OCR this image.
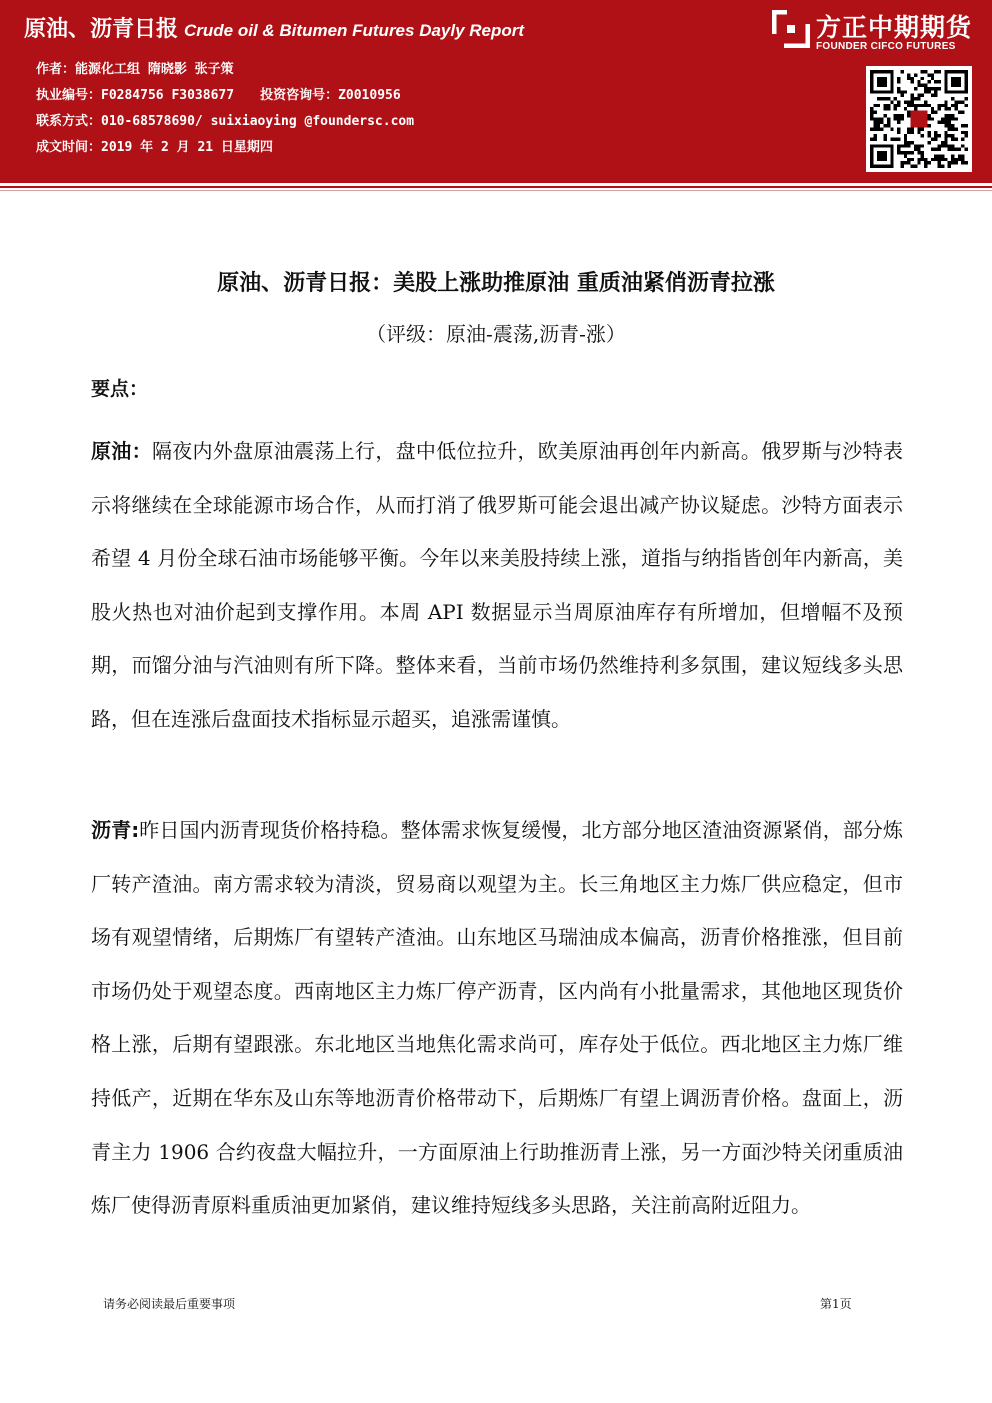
原油、沥青日报 Crude oil & Bitumen Futures Dayly Report
作者：能源化工组 隋晓影 张子策
执业编号：F0284756 F3038677 投资咨询号：Z0010956
联系方式：010-68578690/ suixiaoying @foundersc.com
成文时间：2019 年 2 月 21 日星期四
方正中期期货
FOUNDER CIFCO FUTURES
原油、沥青日报：美股上涨助推原油 重质油紧俏沥青拉涨
（评级：原油-震荡,沥青-涨）
要点：

原油：隔夜内外盘原油震荡上行，盘中低位拉升，欧美原油再创年内新高。俄罗斯与沙特表示将继续在全球能源市场合作，从而打消了俄罗斯可能会退出减产协议疑虑。沙特方面表示希望 4 月份全球石油市场能够平衡。今年以来美股持续上涨，道指与纳指皆创年内新高，美股火热也对油价起到支撑作用。本周 API 数据显示当周原油库存有所增加，但增幅不及预期，而馏分油与汽油则有所下降。整体来看，当前市场仍然维持利多氛围，建议短线多头思路，但在连涨后盘面技术指标显示超买，追涨需谨慎。

沥青:昨日国内沥青现货价格持稳。整体需求恢复缓慢，北方部分地区渣油资源紧俏，部分炼厂转产渣油。南方需求较为清淡，贸易商以观望为主。长三角地区主力炼厂供应稳定，但市场有观望情绪，后期炼厂有望转产渣油。山东地区马瑞油成本偏高，沥青价格推涨，但目前市场仍处于观望态度。西南地区主力炼厂停产沥青，区内尚有小批量需求，其他地区现货价格上涨，后期有望跟涨。东北地区当地焦化需求尚可，库存处于低位。西北地区主力炼厂维持低产，近期在华东及山东等地沥青价格带动下，后期炼厂有望上调沥青价格。盘面上，沥青主力 1906 合约夜盘大幅拉升，一方面原油上行助推沥青上涨，另一方面沙特关闭重质油炼厂使得沥青原料重质油更加紧俏，建议维持短线多头思路，关注前高附近阻力。

请务必阅读最后重要事项	第1页
